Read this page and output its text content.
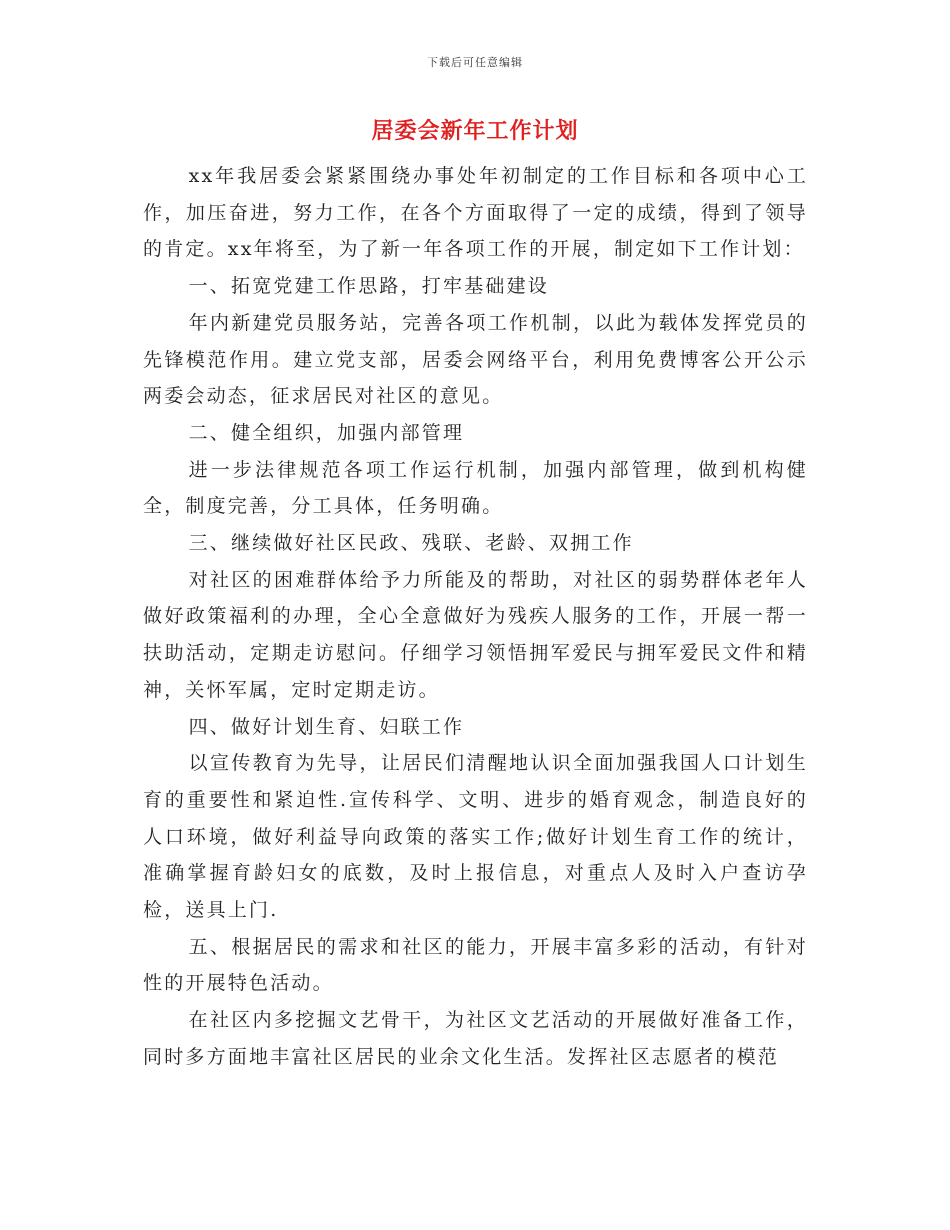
下载后可任意编辑
居委会新年工作计划

xx年我居委会紧紧围绕办事处年初制定的工作目标和各项中心工作，加压奋进，努力工作，在各个方面取得了一定的成绩，得到了领导的肯定。xx年将至，为了新一年各项工作的开展，制定如下工作计划：

一、拓宽党建工作思路，打牢基础建设

年内新建党员服务站，完善各项工作机制，以此为载体发挥党员的先锋模范作用。建立党支部，居委会网络平台，利用免费博客公开公示两委会动态，征求居民对社区的意见。

二、健全组织，加强内部管理

进一步法律规范各项工作运行机制，加强内部管理，做到机构健全，制度完善，分工具体，任务明确。

三、继续做好社区民政、残联、老龄、双拥工作

对社区的困难群体给予力所能及的帮助，对社区的弱势群体老年人做好政策福利的办理，全心全意做好为残疾人服务的工作，开展一帮一扶助活动，定期走访慰问。仔细学习领悟拥军爱民与拥军爱民文件和精神，关怀军属，定时定期走访。

四、做好计划生育、妇联工作

以宣传教育为先导，让居民们清醒地认识全面加强我国人口计划生育的重要性和紧迫性.宣传科学、文明、进步的婚育观念，制造良好的人口环境，做好利益导向政策的落实工作;做好计划生育工作的统计，准确掌握育龄妇女的底数，及时上报信息，对重点人及时入户查访孕检，送具上门.

五、根据居民的需求和社区的能力，开展丰富多彩的活动，有针对性的开展特色活动。

在社区内多挖掘文艺骨干，为社区文艺活动的开展做好准备工作，同时多方面地丰富社区居民的业余文化生活。发挥社区志愿者的模范
